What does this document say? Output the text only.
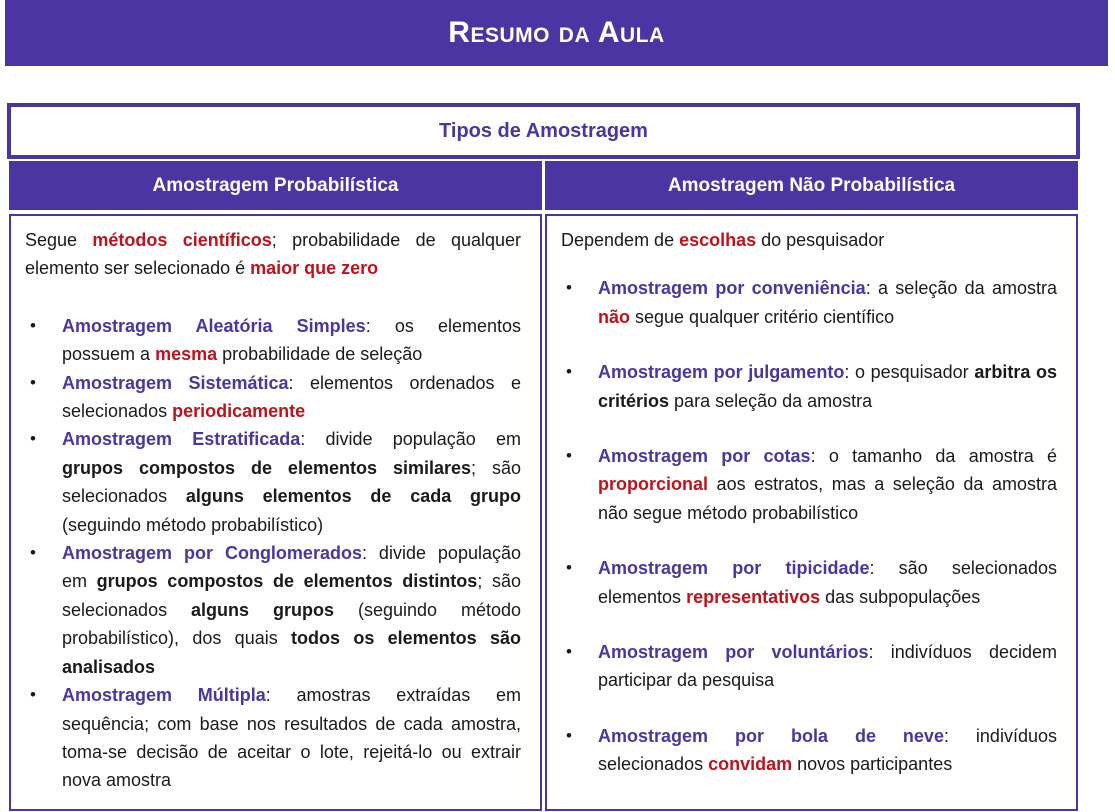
Resumo da Aula
Tipos de Amostragem
Amostragem Probabilística	Amostragem Não Probabilística

Segue métodos científicos; probabilidade de qualquer elemento ser selecionado é maior que zero

• Amostragem Aleatória Simples: os elementos possuem a mesma probabilidade de seleção
• Amostragem Sistemática: elementos ordenados e selecionados periodicamente
• Amostragem Estratificada: divide população em grupos compostos de elementos similares; são selecionados alguns elementos de cada grupo (seguindo método probabilístico)
• Amostragem por Conglomerados: divide população em grupos compostos de elementos distintos; são selecionados alguns grupos (seguindo método probabilístico), dos quais todos os elementos são analisados
• Amostragem Múltipla: amostras extraídas em sequência; com base nos resultados de cada amostra, toma-se decisão de aceitar o lote, rejeitá-lo ou extrair nova amostra

Dependem de escolhas do pesquisador

• Amostragem por conveniência: a seleção da amostra não segue qualquer critério científico
• Amostragem por julgamento: o pesquisador arbitra os critérios para seleção da amostra
• Amostragem por cotas: o tamanho da amostra é proporcional aos estratos, mas a seleção da amostra não segue método probabilístico
• Amostragem por tipicidade: são selecionados elementos representativos das subpopulações
• Amostragem por voluntários: indivíduos decidem participar da pesquisa
• Amostragem por bola de neve: indivíduos selecionados convidam novos participantes
